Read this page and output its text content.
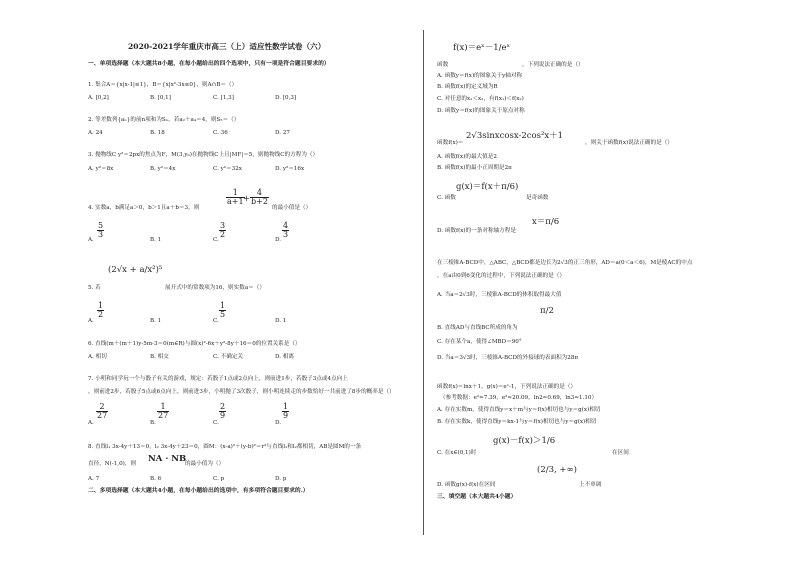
2020-2021学年重庆市高三（上）适应性数学试卷（六）
一、单项选择题（本大题共8小题，在每小题给出的四个选项中，只有一项是符合题目要求的）
1. 集合A＝{x|x-1|≤1}，B＝{x|x²-3x≤0}，则A∩B＝（）
A. [0,2]	B. [0,1]	C. [1,3]	D. [0,3]
2. 等差数列{aₙ}的前n项和为Sₙ，若a₂＋a₄＝4，则S₅＝（）
A. 24	B. 18	C. 36	D. 27
3. 抛物线C y²＝2px的焦点为F，M(3,y₀)在抛物线C上且|MF|＝5，则抛物线C的方程为（）
A. y²＝8x	B. y²＝4x	C. y²＝32x	D. y²＝16x
4. 实数a，b满足a＞0，b＞1且a＋b＝3，则
$\frac{1}{a+1}$
+ $\frac{4}{b+2}$
的最小值是（）
A.
$\frac{5}{3}$
B. 1	C.
$\frac{3}{2}$
D.
$\frac{4}{3}$
(2√x + a/x²)⁵
5. 若	展开式中的常数项为16，则实数a＝（）
A.
$\frac{1}{2}$
B. 1	C.
$\frac{1}{5}$
D. 1
6. 直线(m＋(m＋1)y-5m-3＝0(m∈R)与圆(x)²-6x＋y²-8y＋16＝0的位置关系是（）
A. 相切	B. 相交	C. 不确定关	D. 相离
7. 小明和同学玩一个与骰子有关的游戏，规定：若骰子1点或2点向上，则前进1步，若骰子3点或4点向上
，则前进2步，若骰子5点或6点向上，则前进3步，小明抛了3次骰子，则小明连续走的步数恰好一共前进了8步的概率是（）
A.
$\frac{2}{27}$
B.
$\frac{1}{27}$
C.
$\frac{2}{9}$
D.
$\frac{1}{9}$
8. 直线l₁ 3x-4y＋13＝0，l₂ 3x-4y＋23＝0，圆M：(x-a)²＋(y-b)²＝r²与直线l₁和l₂都相切，AB是圆M的一条
直径，N(-1,0)，则 NA · NB
的最小值为（）
A. 7	B. 6	C. p	D. p
二、多项选择题（本大题共4小题，在每小题给出的选项中，有多项符合题目要求的.）
f(x)＝eˣ－1/eˣ
函数	，下列说法正确的是（）
A. 函数y＝f(x)的图象关于y轴对称
B. 函数f(x)的定义域为R
C. 对任意的x₁＜x₂，有f(x₁)＜f(x₂)
D. 函数y＝f(x)的图象关于原点对称
函数f(x)＝
2√3sinxcosx-2cos²x＋1
，则关于函数f(x)说法正确的是（）
A. 函数f(x)的最大值是2
B. 函数f(x)的最小正周期是2π
C. 函数
g(x)＝f(x＋π/6)
是奇函数
D. 函数f(x)的一条对称轴方程是
x＝π/6
在三棱锥A-BCD中，△ABC，△BCD都是边长为2√3的正三角形，AD＝a(0＜a＜6)，M是棱AC的中点
，在a由0到6变化的过程中，下列说法正确的是（）
A. 当a＝2√3时，三棱锥A-BCD的体积取得最大值
B. 直线AD与直线BC所成的角为
π/2
C. 存在某个a，使得∠MBD＝90°
D. 当a＝3√3时，三棱锥A-BCD的外接球的表面积为28π
函数f(x)＝lnx＋1，g(x)＝eˣ-1，下列说法正确的是（）
（参考数据：e²≈7.39，e³≈20.09，ln2≈0.69，ln3≈1.10）
A. 存在实数m，使得直线y＝x＋m与y＝f(x)相切也与y＝g(x)相切
B. 存在实数k，使得直线y＝kx-1与y＝f(x)相切也与y＝g(x)相切
g(x)－f(x)＞1/6
C. 在x∈(0,1)时	在区间
(2/3, +∞)
D. 函数g(x)-f(x)在区间	上不单调
三、填空题（本大题共4小题）
